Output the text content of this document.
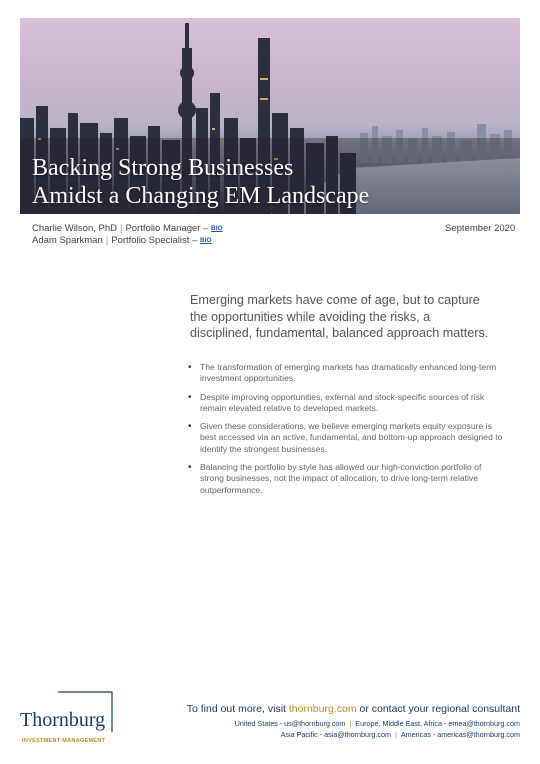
Backing Strong Businesses
Amidst a Changing EM Landscape
Charlie Wilson, PhD | Portfolio Manager – BIO
Adam Sparkman | Portfolio Specialist – BIO
September 2020

Emerging markets have come of age, but to capture the opportunities while avoiding the risks, a disciplined, fundamental, balanced approach matters.

• The transformation of emerging markets has dramatically enhanced long-term investment opportunities.
• Despite improving opportunities, external and stock-specific sources of risk remain elevated relative to developed markets.
• Given these considerations, we believe emerging markets equity exposure is best accessed via an active, fundamental, and bottom-up approach designed to identify the strongest businesses.
• Balancing the portfolio by style has allowed our high-conviction portfolio of strong businesses, not the impact of allocation, to drive long-term relative outperformance.
Thornburg
INVESTMENT MANAGEMENT
To find out more, visit thornburg.com or contact your regional consultant
United States - us@thornburg.com | Europe, Middle East, Africa - emea@thornburg.com
Asia Pacific - asia@thornburg.com | Americas - americas@thornburg.com
